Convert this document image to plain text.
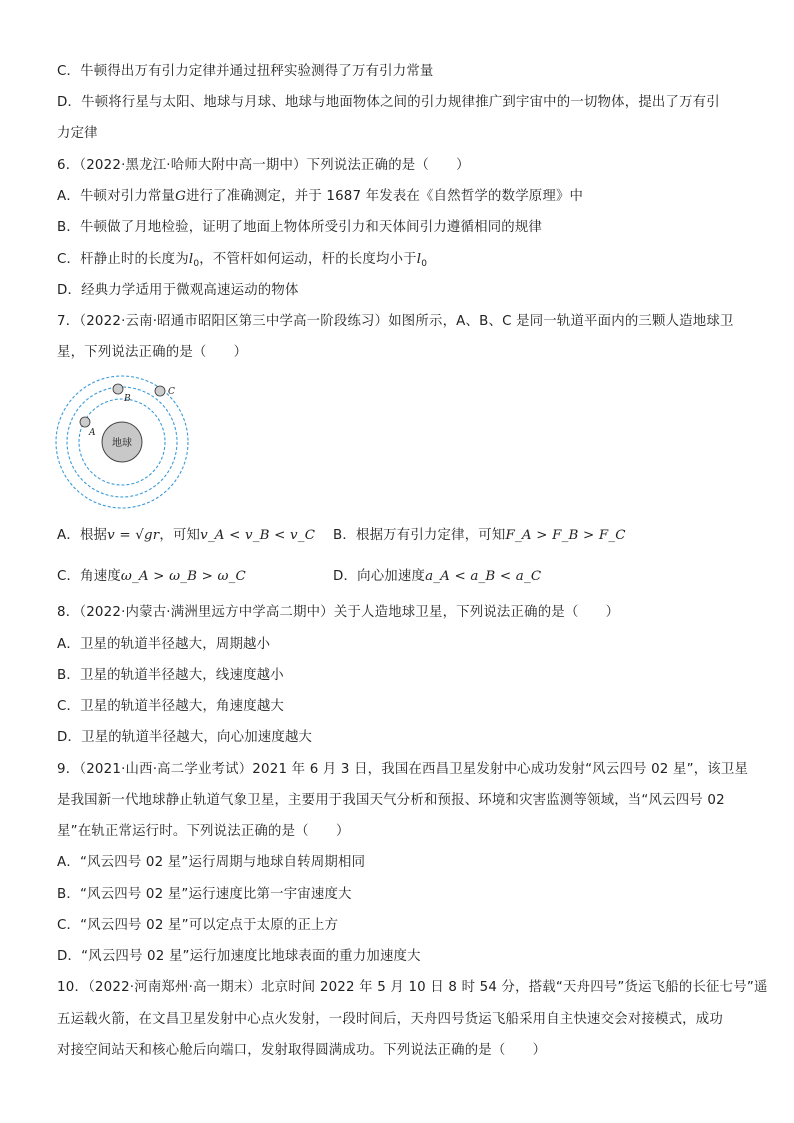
C．牛顿得出万有引力定律并通过扭秤实验测得了万有引力常量
D．牛顿将行星与太阳、地球与月球、地球与地面物体之间的引力规律推广到宇宙中的一切物体，提出了万有引
力定律
6．（2022·黑龙江·哈师大附中高一期中）下列说法正确的是（　　）
A．牛顿对引力常量G进行了准确测定，并于 1687 年发表在《自然哲学的数学原理》中
B．牛顿做了月地检验，证明了地面上物体所受引力和天体间引力遵循相同的规律
C．杆静止时的长度为$l_0$，不管杆如何运动，杆的长度均小于$l_0$
D．经典力学适用于微观高速运动的物体
7．（2022·云南·昭通市昭阳区第三中学高一阶段练习）如图所示，A、B、C 是同一轨道平面内的三颗人造地球卫
星，下列说法正确的是（　　）
地球
A
B
C
A．根据v = √gr，可知v_A < v_B < v_C B．根据万有引力定律，可知F_A > F_B > F_C
C．角速度ω_A > ω_B > ω_C	D．向心加速度a_A < a_B < a_C
8．（2022·内蒙古·满洲里远方中学高二期中）关于人造地球卫星，下列说法正确的是（　　）
A．卫星的轨道半径越大，周期越小
B．卫星的轨道半径越大，线速度越小
C．卫星的轨道半径越大，角速度越大
D．卫星的轨道半径越大，向心加速度越大
9．（2021·山西·高二学业考试）2021 年 6 月 3 日，我国在西昌卫星发射中心成功发射“风云四号 02 星”，该卫星
是我国新一代地球静止轨道气象卫星，主要用于我国天气分析和预报、环境和灾害监测等领域，当“风云四号 02
星”在轨正常运行时。下列说法正确的是（　　）
A．“风云四号 02 星”运行周期与地球自转周期相同
B．“风云四号 02 星”运行速度比第一宇宙速度大
C．“风云四号 02 星”可以定点于太原的正上方
D．“风云四号 02 星”运行加速度比地球表面的重力加速度大
10．（2022·河南郑州·高一期末）北京时间 2022 年 5 月 10 日 8 时 54 分，搭载“天舟四号”货运飞船的长征七号”遥
五运载火箭，在文昌卫星发射中心点火发射，一段时间后，天舟四号货运飞船采用自主快速交会对接模式，成功
对接空间站天和核心舱后向端口，发射取得圆满成功。下列说法正确的是（　　）
